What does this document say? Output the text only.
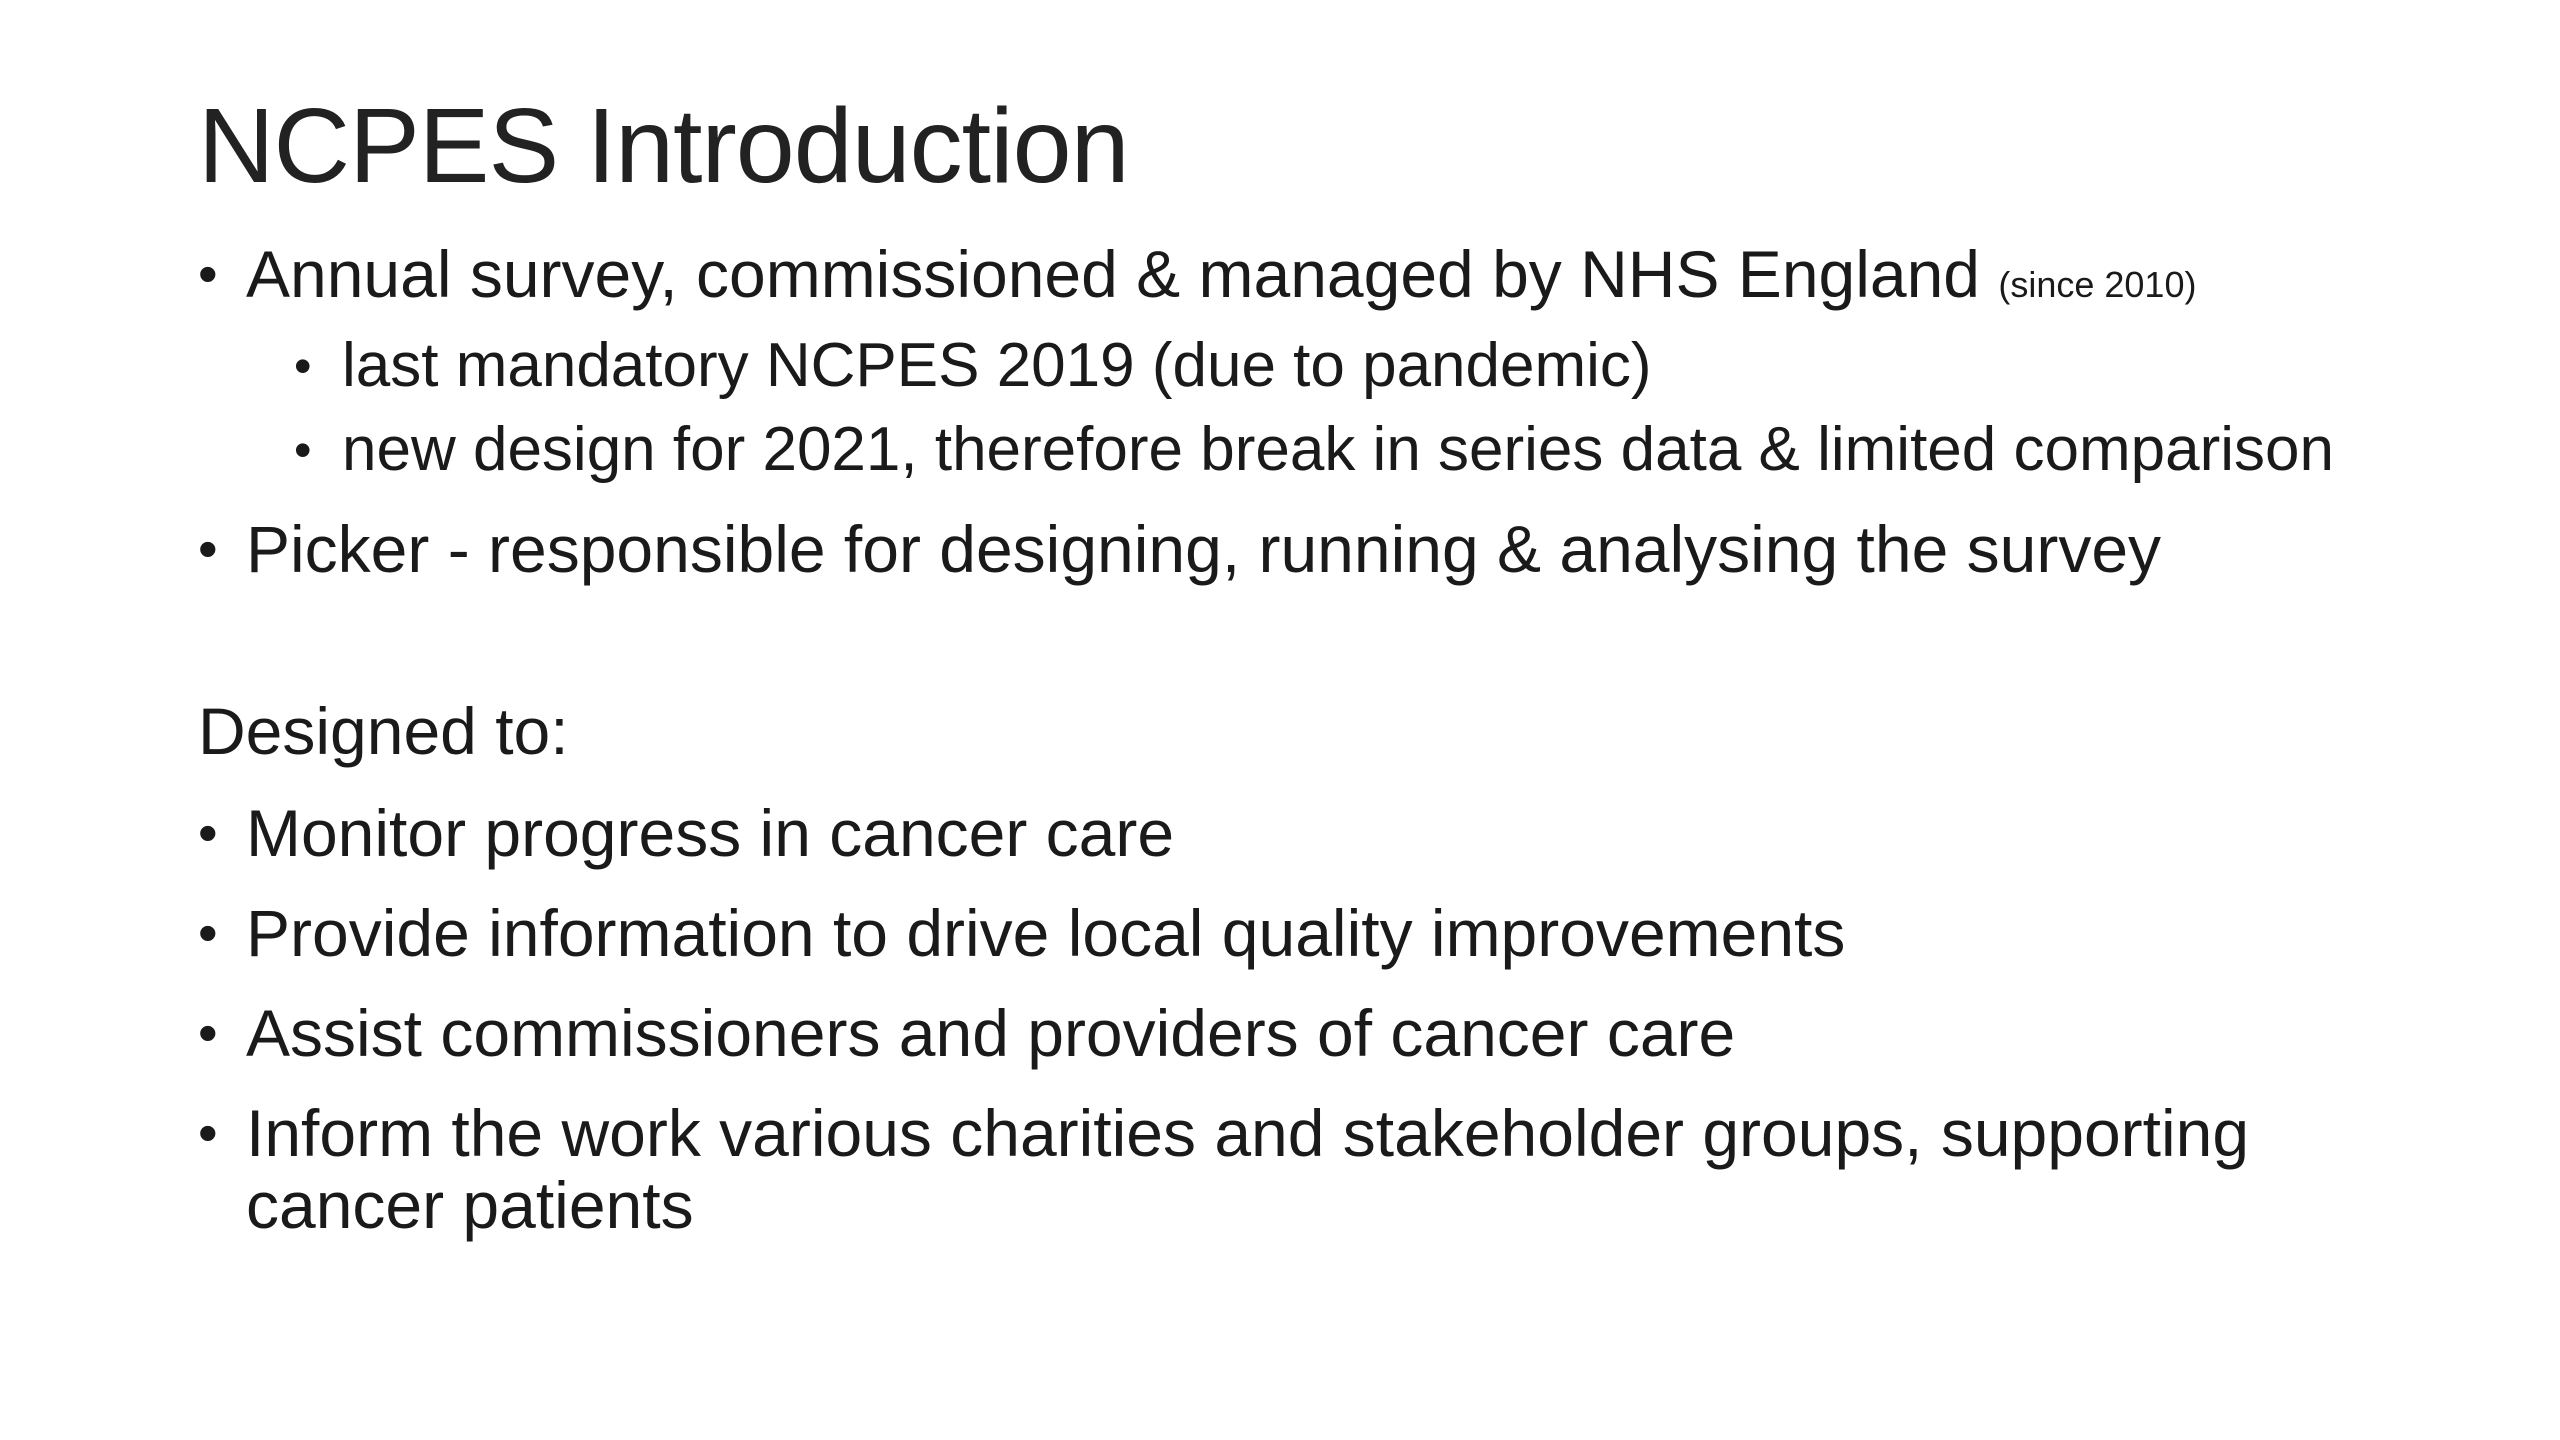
NCPES Introduction
• Annual survey, commissioned & managed by NHS England (since 2010)
• last mandatory NCPES 2019 (due to pandemic)
• new design for 2021, therefore break in series data & limited comparison
• Picker - responsible for designing, running & analysing the survey
Designed to:
• Monitor progress in cancer care
• Provide information to drive local quality improvements
• Assist commissioners and providers of cancer care
• Inform the work various charities and stakeholder groups, supporting cancer patients
